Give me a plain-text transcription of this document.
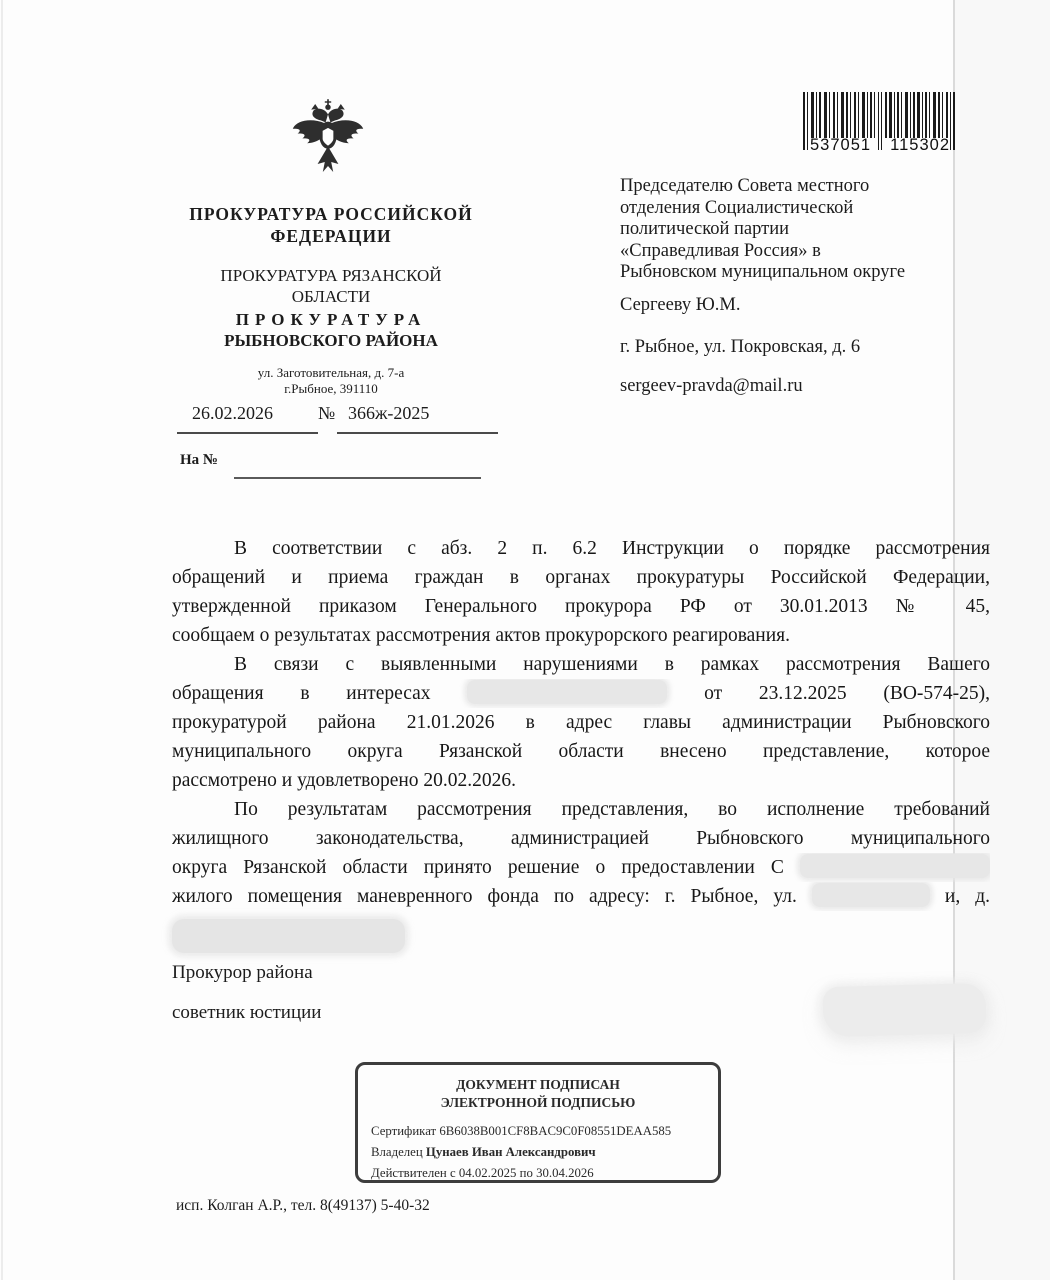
ПРОКУРАТУРА РОССИЙСКОЙ
ФЕДЕРАЦИИ
ПРОКУРАТУРА РЯЗАНСКОЙ
ОБЛАСТИ
ПРОКУРАТУРА
РЫБНОВСКОГО РАЙОНА
ул. Заготовительная, д. 7-а
г.Рыбное, 391110
537051 115302
Председателю Совета местного
отделения Социалистической
политической партии
«Справедливая Россия» в
Рыбновском муниципальном округе
Сергееву Ю.М.
г. Рыбное, ул. Покровская, д. 6
sergeev-pravda@mail.ru
26.02.2026	№ 366ж-2025
На №
В соответствии с абз. 2 п. 6.2 Инструкции о порядке рассмотрения
обращений и приема граждан в органах прокуратуры Российской Федерации,
утвержденной приказом Генерального прокурора РФ от 30.01.2013 № 45,
сообщаем о результатах рассмотрения актов прокурорского реагирования.
В связи с выявленными нарушениями в рамках рассмотрения Вашего
обращения в интересах	от 23.12.2025 (ВО-574-25),
прокуратурой района 21.01.2026 в адрес главы администрации Рыбновского
муниципального округа Рязанской области внесено представление, которое
рассмотрено и удовлетворено 20.02.2026.
По результатам рассмотрения представления, во исполнение требований
жилищного законодательства, администрацией Рыбновского муниципального
округа Рязанской области принято решение о предоставлении С
жилого помещения маневренного фонда по адресу: г. Рыбное, ул.	и, д.
Прокурор района
советник юстиции
ДОКУМЕНТ ПОДПИСАН
ЭЛЕКТРОННОЙ ПОДПИСЬЮ
Сертификат 6B6038B001CF8BAC9C0F08551DEAA585
Владелец Цунаев Иван Александрович
Действителен с 04.02.2025 по 30.04.2026
исп. Колган А.Р., тел. 8(49137) 5-40-32
